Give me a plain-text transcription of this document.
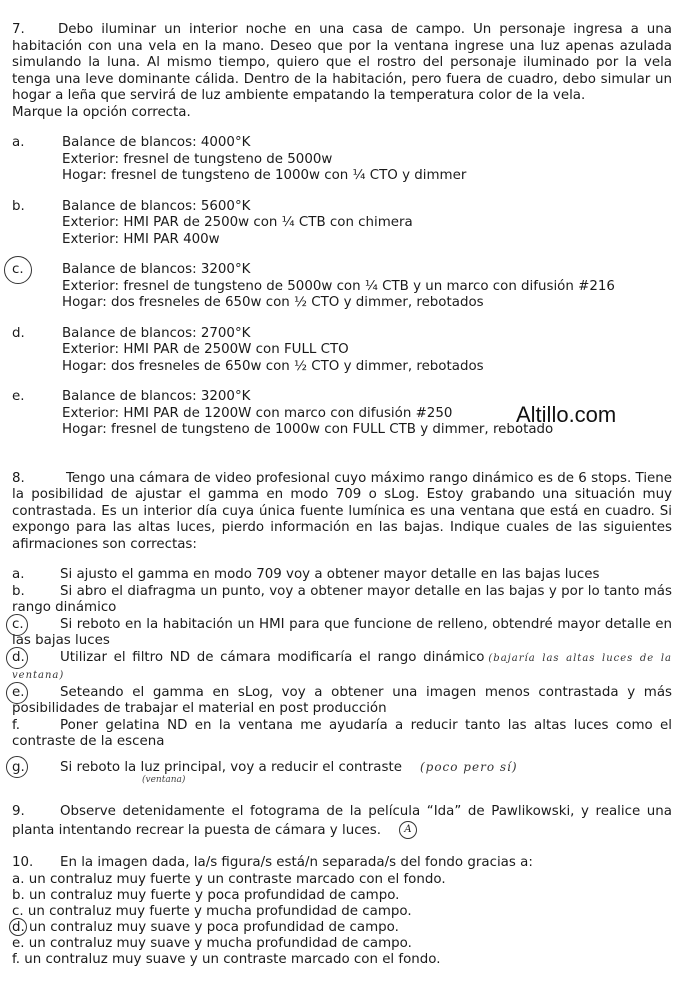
7. Debo iluminar un interior noche en una casa de campo. Un personaje ingresa a una habitación con una vela en la mano. Deseo que por la ventana ingrese una luz apenas azulada simulando la luna. Al mismo tiempo, quiero que el rostro del personaje iluminado por la vela tenga una leve dominante cálida. Dentro de la habitación, pero fuera de cuadro, debo simular un hogar a leña que servirá de luz ambiente empatando la temperatura color de la vela.

Marque la opción correcta.

a.	Balance de blancos: 4000°K
Exterior: fresnel de tungsteno de 5000w
Hogar: fresnel de tungsteno de 1000w con ¼ CTO y dimmer
b.	Balance de blancos: 5600°K
Exterior: HMI PAR de 2500w con ¼ CTB con chimera
Exterior: HMI PAR 400w
c.	Balance de blancos: 3200°K
Exterior: fresnel de tungsteno de 5000w con ¼ CTB y un marco con difusión #216
Hogar: dos fresneles de 650w con ½ CTO y dimmer, rebotados
d.	Balance de blancos: 2700°K
Exterior: HMI PAR de 2500W con FULL CTO
Hogar: dos fresneles de 650w con ½ CTO y dimmer, rebotados
e.	Balance de blancos: 3200°K
Exterior: HMI PAR de 1200W con marco con difusión #250
Hogar: fresnel de tungsteno de 1000w con FULL CTB y dimmer, rebotado

8.	Tengo una cámara de video profesional cuyo máximo rango dinámico es de 6 stops. Tiene la posibilidad de ajustar el gamma en modo 709 o sLog. Estoy grabando una situación muy contrastada. Es un interior día cuya única fuente lumínica es una ventana que está en cuadro. Si expongo para las altas luces, pierdo información en las bajas. Indique cuales de las siguientes afirmaciones son correctas:

a.	Si ajusto el gamma en modo 709 voy a obtener mayor detalle en las bajas luces

b.	Si abro el diafragma un punto, voy a obtener mayor detalle en las bajas y por lo tanto más rango dinámico

c.	Si reboto en la habitación un HMI para que funcione de relleno, obtendré mayor detalle en las bajas luces

d.	Utilizar el filtro ND de cámara modificaría el rango dinámico (bajaría las altas luces de la ventana)

e.	Seteando el gamma en sLog, voy a obtener una imagen menos contrastada y más posibilidades de trabajar el material en post producción

f.	Poner gelatina ND en la ventana me ayudaría a reducir tanto las altas luces como el contraste de la escena

g.	Si reboto la luz principal, voy a reducir el contraste (poco pero sí)
(ventana)

9.	Observe detenidamente el fotograma de la película “Ida” de Pawlikowski, y realice una planta intentando recrear la puesta de cámara y luces. A

10. En la imagen dada, la/s figura/s está/n separada/s del fondo gracias a:

a. un contraluz muy fuerte y un contraste marcado con el fondo.

b. un contraluz muy fuerte y poca profundidad de campo.

c. un contraluz muy fuerte y mucha profundidad de campo.

d. un contraluz muy suave y poca profundidad de campo.

e. un contraluz muy suave y mucha profundidad de campo.

f. un contraluz muy suave y un contraste marcado con el fondo.

Altillo.com
